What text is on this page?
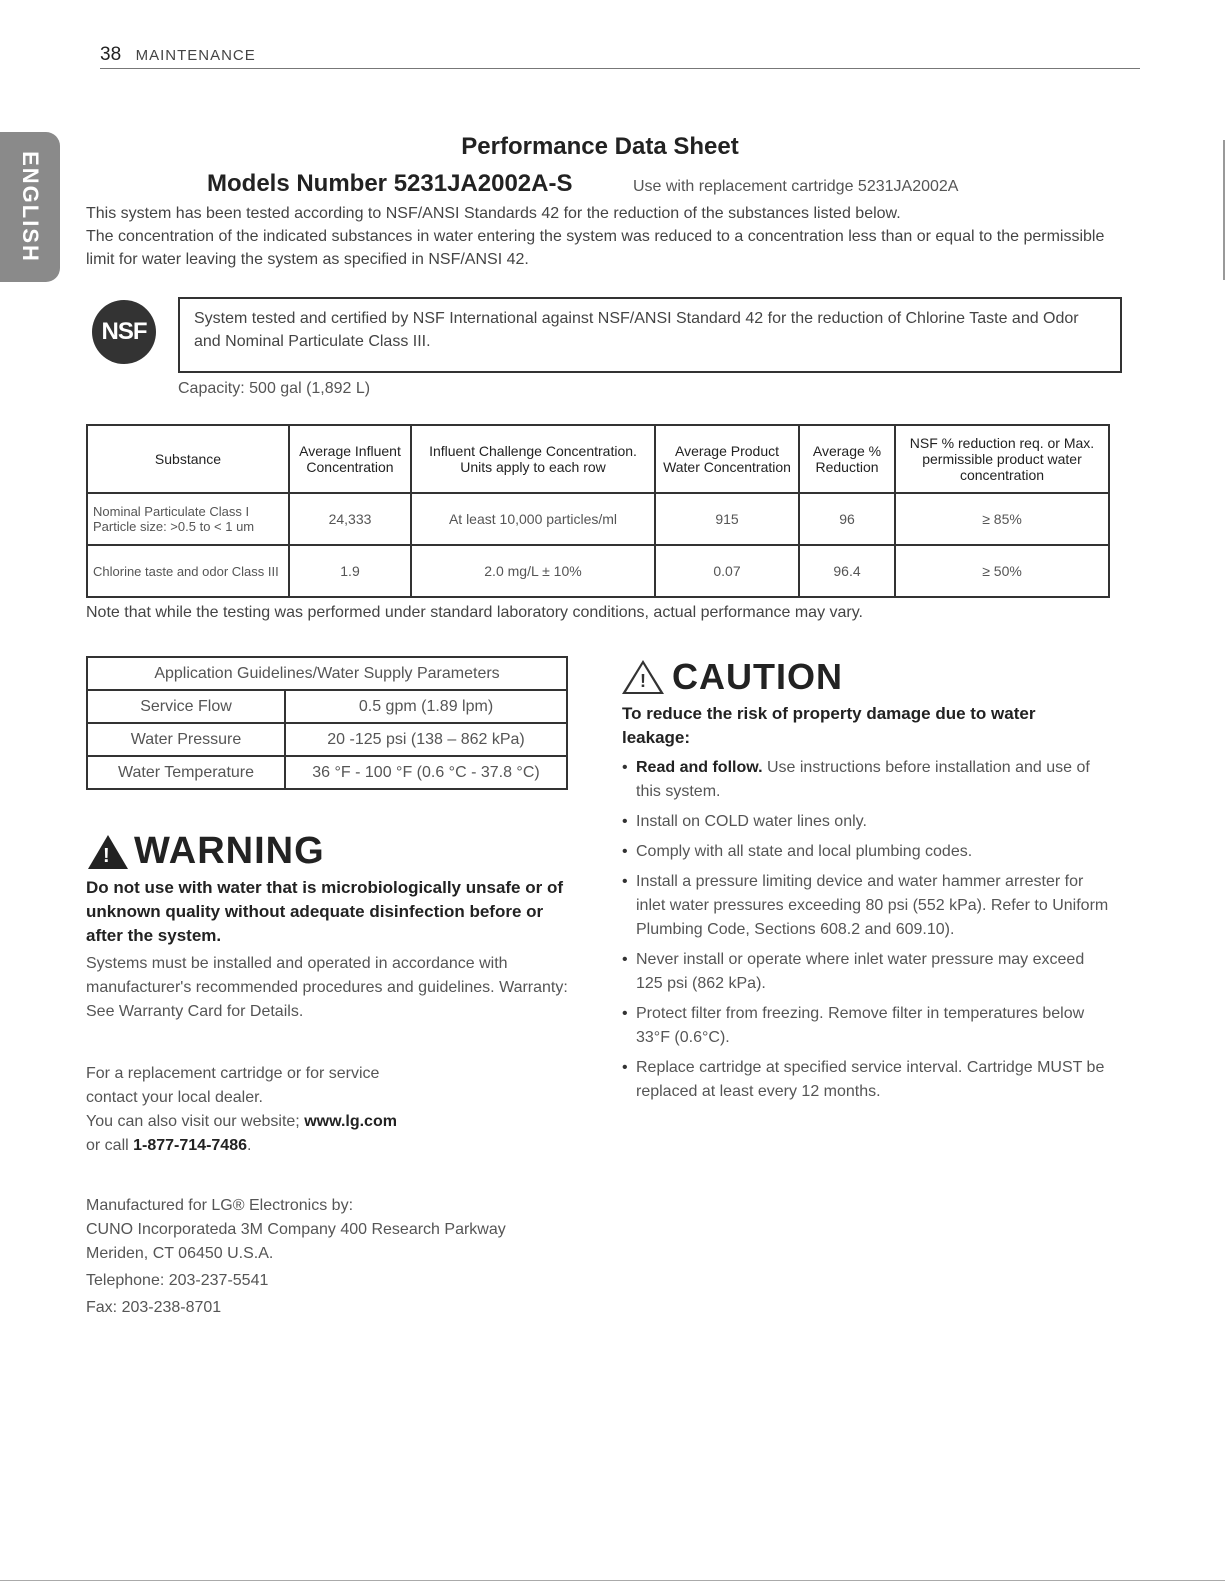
38 MAINTENANCE
ENGLISH
Performance Data Sheet
Models Number 5231JA2002A-S	Use with replacement cartridge 5231JA2002A
This system has been tested according to NSF/ANSI Standards 42 for the reduction of the substances listed below.
The concentration of the indicated substances in water entering the system was reduced to a concentration less than or equal to the permissible limit for water leaving the system as specified in NSF/ANSI 42.
NSF	System tested and certified by NSF International against NSF/ANSI Standard 42 for the reduction of Chlorine Taste and Odor and Nominal Particulate Class III.
Capacity: 500 gal (1,892 L)
Substance	Average Influent Concentration	Influent Challenge Concentration. Units apply to each row	Average Product Water Concentration	Average % Reduction	NSF % reduction req. or Max. permissible product water concentration
Nominal Particulate Class I Particle size: >0.5 to < 1 um	24,333	At least 10,000 particles/ml	915	96	≥ 85%
Chlorine taste and odor Class III	1.9	2.0 mg/L ± 10%	0.07	96.4	≥ 50%
Note that while the testing was performed under standard laboratory conditions, actual performance may vary.
Application Guidelines/Water Supply Parameters	
Service Flow	0.5 gpm (1.89 lpm)
Water Pressure	20 -125 psi (138 – 862 kPa)
Water Temperature	36 °F - 100 °F (0.6 °C - 37.8 °C)
! WARNING

Do not use with water that is microbiologically unsafe or of unknown quality without adequate disinfection before or after the system.

Systems must be installed and operated in accordance with manufacturer's recommended procedures and guidelines. Warranty: See Warranty Card for Details.

For a replacement cartridge or for service
contact your local dealer.
You can also visit our website; www.lg.com
or call 1-877-714-7486.
Manufactured for LG® Electronics by:
CUNO Incorporateda 3M Company 400 Research Parkway
Meriden, CT 06450 U.S.A.
Telephone: 203-237-5541
Fax: 203-238-8701
! CAUTION

To reduce the risk of property damage due to water leakage:

• Read and follow. Use instructions before installation and use of this system.
• Install on COLD water lines only.
• Comply with all state and local plumbing codes.
• Install a pressure limiting device and water hammer arrester for inlet water pressures exceeding 80 psi (552 kPa). Refer to Uniform Plumbing Code, Sections 608.2 and 609.10).
• Never install or operate where inlet water pressure may exceed 125 psi (862 kPa).
• Protect filter from freezing. Remove filter in temperatures below 33°F (0.6°C).
• Replace cartridge at specified service interval. Cartridge MUST be replaced at least every 12 months.
